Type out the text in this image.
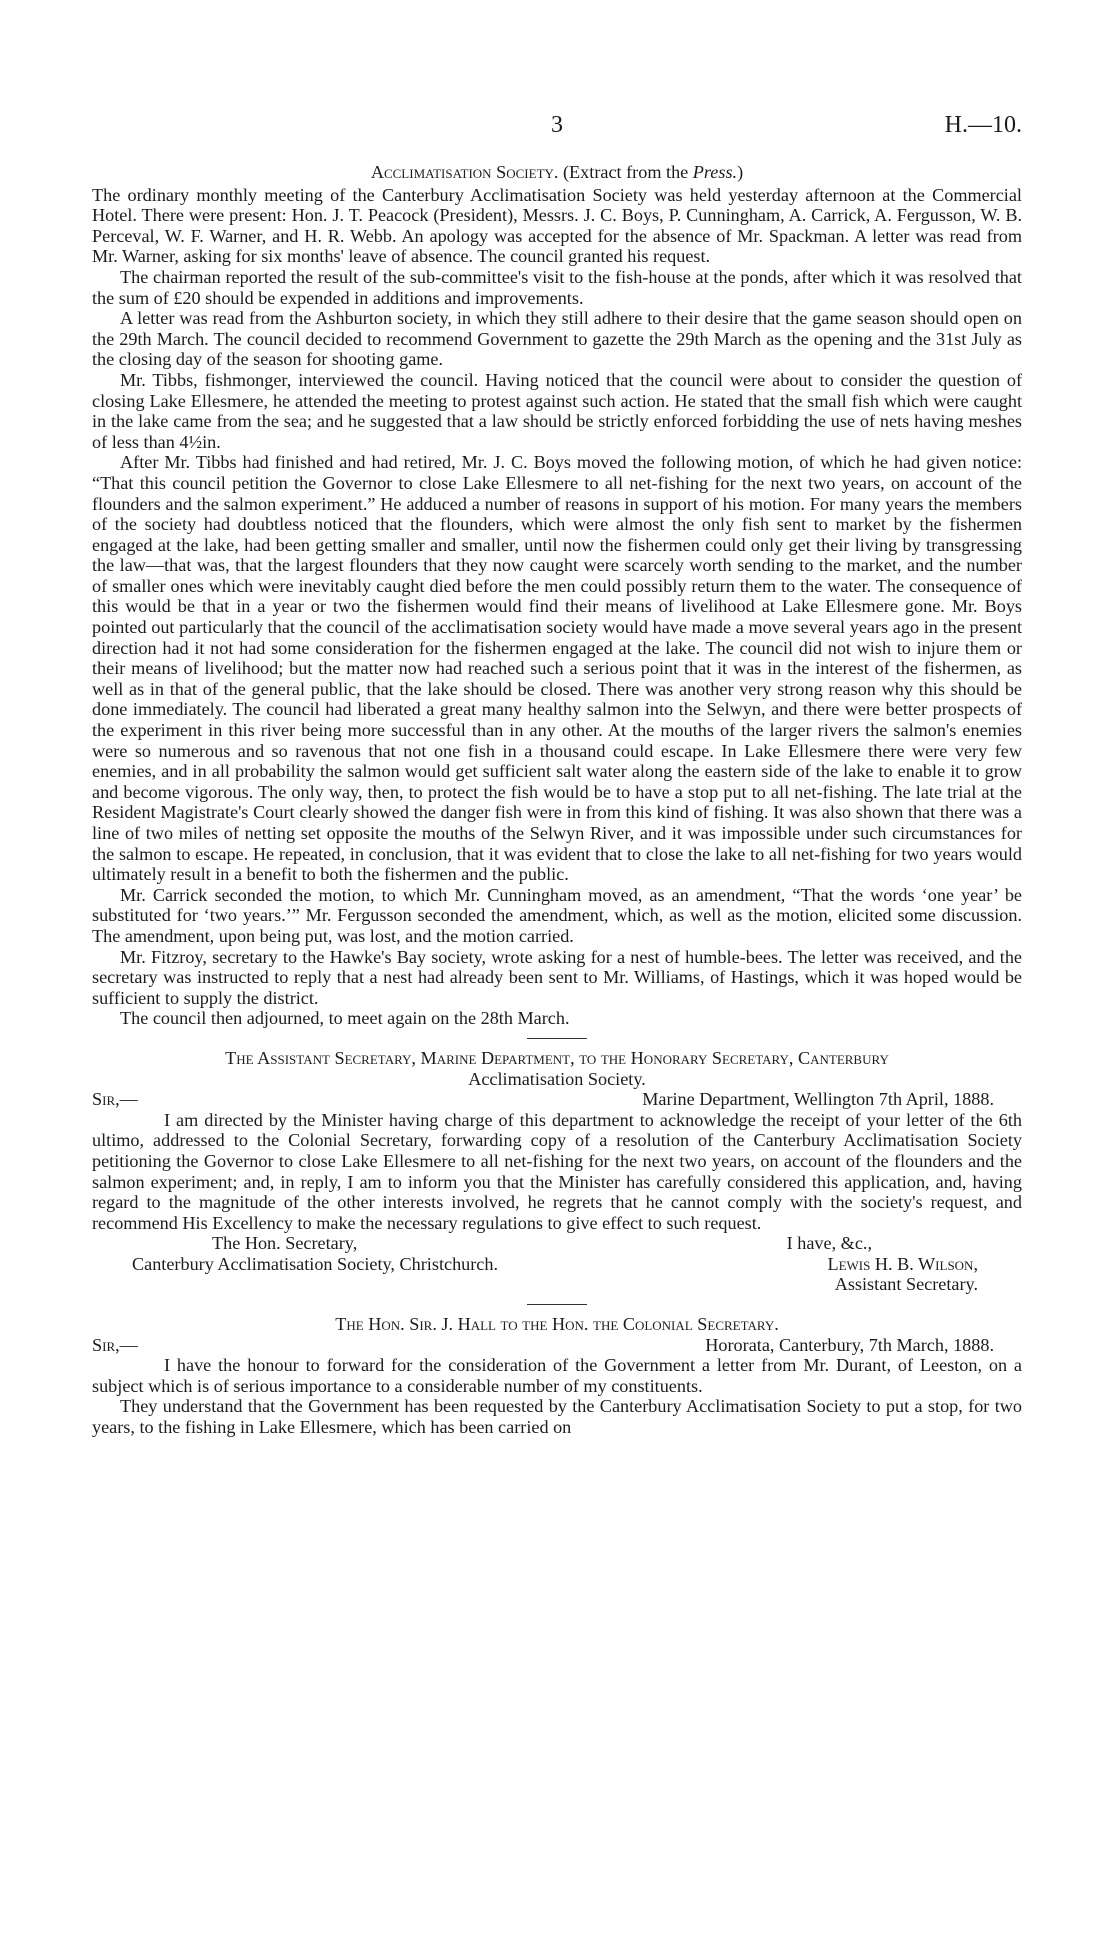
3	H.—10.

Acclimatisation Society. (Extract from the Press.)

The ordinary monthly meeting of the Canterbury Acclimatisation Society was held yesterday afternoon at the Commercial Hotel. There were present: Hon. J. T. Peacock (President), Messrs. J. C. Boys, P. Cunningham, A. Carrick, A. Fergusson, W. B. Perceval, W. F. Warner, and H. R. Webb. An apology was accepted for the absence of Mr. Spackman. A letter was read from Mr. Warner, asking for six months' leave of absence. The council granted his request.

The chairman reported the result of the sub-committee's visit to the fish-house at the ponds, after which it was resolved that the sum of £20 should be expended in additions and improvements.

A letter was read from the Ashburton society, in which they still adhere to their desire that the game season should open on the 29th March. The council decided to recommend Government to gazette the 29th March as the opening and the 31st July as the closing day of the season for shooting game.

Mr. Tibbs, fishmonger, interviewed the council. Having noticed that the council were about to consider the question of closing Lake Ellesmere, he attended the meeting to protest against such action. He stated that the small fish which were caught in the lake came from the sea; and he suggested that a law should be strictly enforced forbidding the use of nets having meshes of less than 4½in.

After Mr. Tibbs had finished and had retired, Mr. J. C. Boys moved the following motion, of which he had given notice: “That this council petition the Governor to close Lake Ellesmere to all net-fishing for the next two years, on account of the flounders and the salmon experiment.” He adduced a number of reasons in support of his motion. For many years the members of the society had doubtless noticed that the flounders, which were almost the only fish sent to market by the fishermen engaged at the lake, had been getting smaller and smaller, until now the fishermen could only get their living by transgressing the law—that was, that the largest flounders that they now caught were scarcely worth sending to the market, and the number of smaller ones which were inevitably caught died before the men could possibly return them to the water. The consequence of this would be that in a year or two the fishermen would find their means of livelihood at Lake Ellesmere gone. Mr. Boys pointed out particularly that the council of the acclimatisation society would have made a move several years ago in the present direction had it not had some consideration for the fishermen engaged at the lake. The council did not wish to injure them or their means of livelihood; but the matter now had reached such a serious point that it was in the interest of the fishermen, as well as in that of the general public, that the lake should be closed. There was another very strong reason why this should be done immediately. The council had liberated a great many healthy salmon into the Selwyn, and there were better prospects of the experiment in this river being more successful than in any other. At the mouths of the larger rivers the salmon's enemies were so numerous and so ravenous that not one fish in a thousand could escape. In Lake Ellesmere there were very few enemies, and in all probability the salmon would get sufficient salt water along the eastern side of the lake to enable it to grow and become vigorous. The only way, then, to protect the fish would be to have a stop put to all net-fishing. The late trial at the Resident Magistrate's Court clearly showed the danger fish were in from this kind of fishing. It was also shown that there was a line of two miles of netting set opposite the mouths of the Selwyn River, and it was impossible under such circumstances for the salmon to escape. He repeated, in conclusion, that it was evident that to close the lake to all net-fishing for two years would ultimately result in a benefit to both the fishermen and the public.

Mr. Carrick seconded the motion, to which Mr. Cunningham moved, as an amendment, “That the words ‘one year’ be substituted for ‘two years.’” Mr. Fergusson seconded the amendment, which, as well as the motion, elicited some discussion. The amendment, upon being put, was lost, and the motion carried.

Mr. Fitzroy, secretary to the Hawke's Bay society, wrote asking for a nest of humble-bees. The letter was received, and the secretary was instructed to reply that a nest had already been sent to Mr. Williams, of Hastings, which it was hoped would be sufficient to supply the district.

The council then adjourned, to meet again on the 28th March.

The Assistant Secretary, Marine Department, to the Honorary Secretary, Canterbury

Acclimatisation Society.

Sir,—	Marine Department, Wellington 7th April, 1888.

I am directed by the Minister having charge of this department to acknowledge the receipt of your letter of the 6th ultimo, addressed to the Colonial Secretary, forwarding copy of a resolution of the Canterbury Acclimatisation Society petitioning the Governor to close Lake Ellesmere to all net-fishing for the next two years, on account of the flounders and the salmon experiment; and, in reply, I am to inform you that the Minister has carefully considered this application, and, having regard to the magnitude of the other interests involved, he regrets that he cannot comply with the society's request, and recommend His Excellency to make the necessary regulations to give effect to such request.

The Hon. Secretary,	I have, &c.,
Canterbury Acclimatisation Society, Christchurch.	Lewis H. B. Wilson,
Assistant Secretary.

The Hon. Sir. J. Hall to the Hon. the Colonial Secretary.

Sir,—	Hororata, Canterbury, 7th March, 1888.

I have the honour to forward for the consideration of the Government a letter from Mr. Durant, of Leeston, on a subject which is of serious importance to a considerable number of my constituents.

They understand that the Government has been requested by the Canterbury Acclimatisation Society to put a stop, for two years, to the fishing in Lake Ellesmere, which has been carried on
